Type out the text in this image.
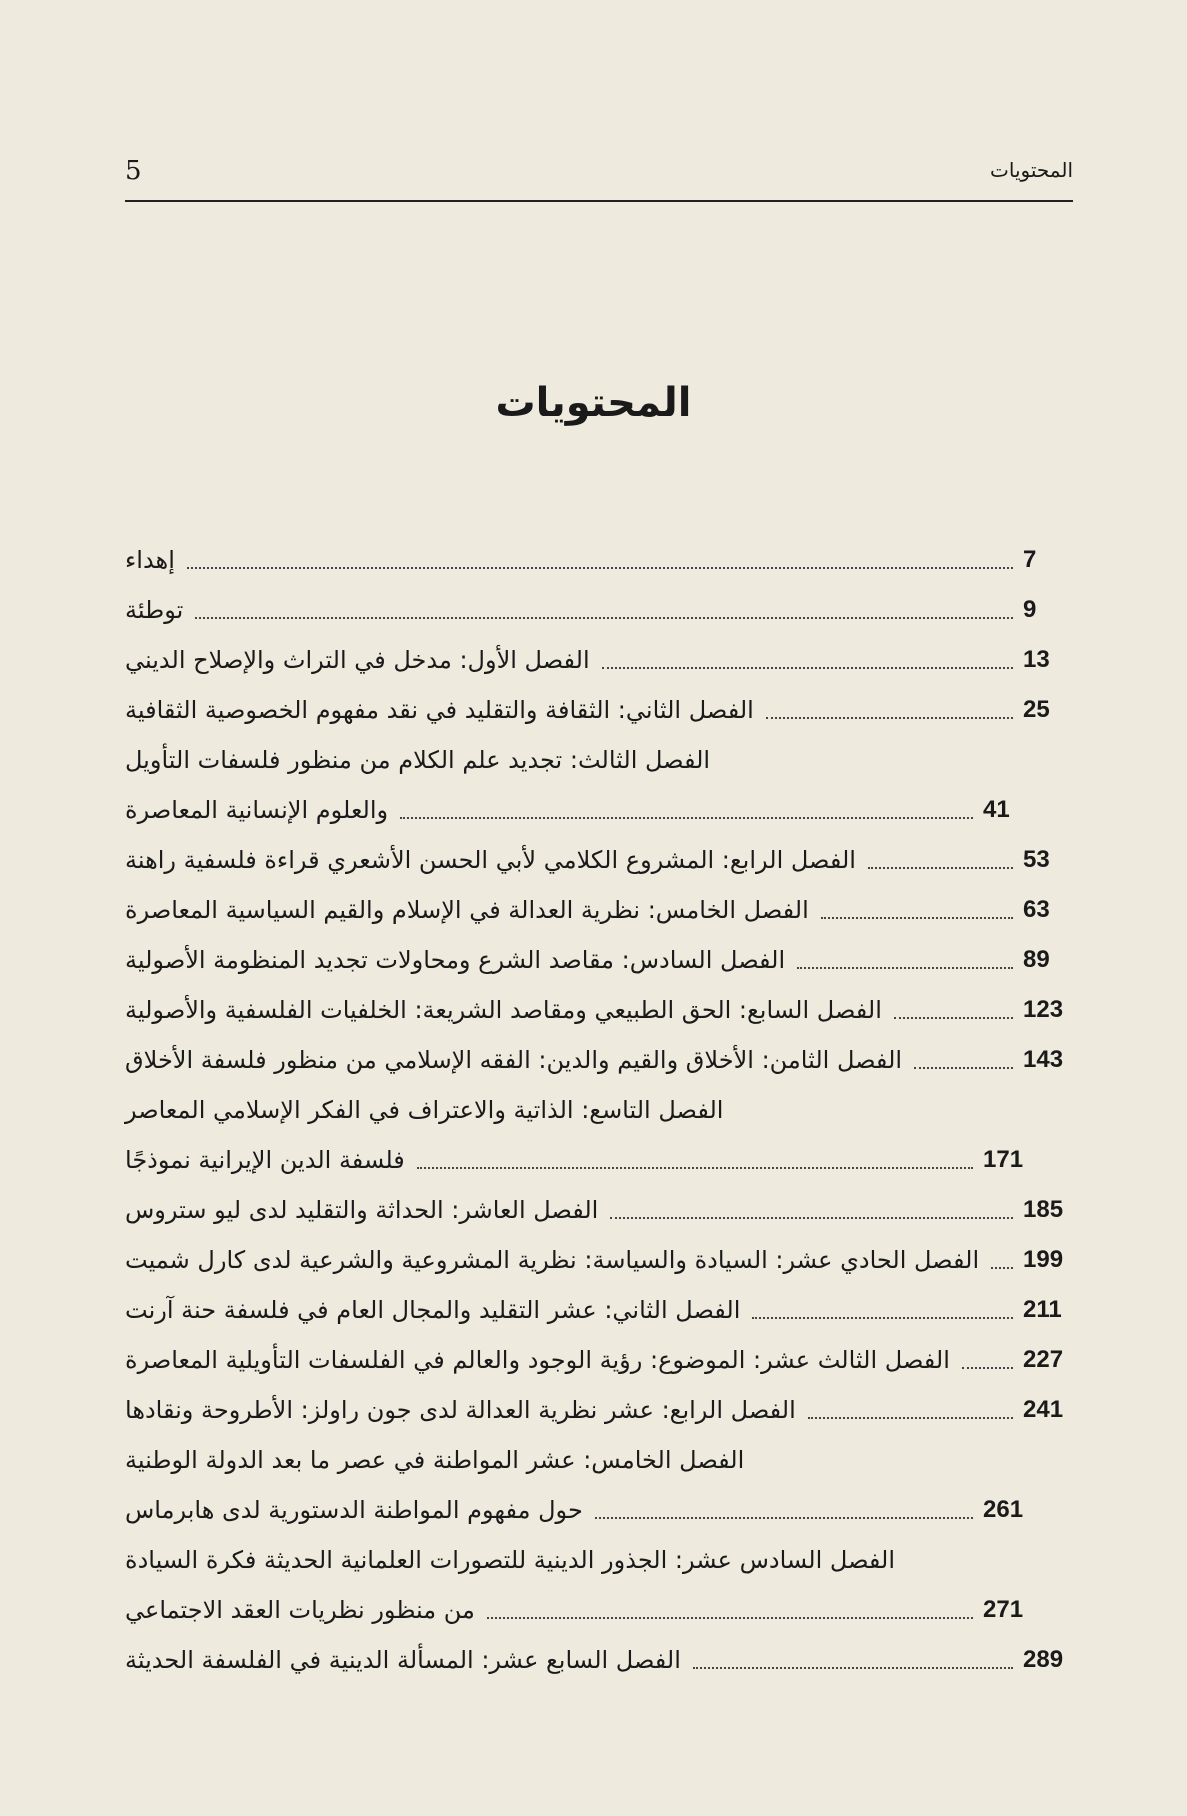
المحتويات
5
المحتويات
إهداء	7
توطئة	9
الفصل الأول: مدخل في التراث والإصلاح الديني	13
الفصل الثاني: الثقافة والتقليد في نقد مفهوم الخصوصية الثقافية	25
الفصل الثالث: تجديد علم الكلام من منظور فلسفات التأويل
والعلوم الإنسانية المعاصرة	41
الفصل الرابع: المشروع الكلامي لأبي الحسن الأشعري قراءة فلسفية راهنة	53
الفصل الخامس: نظرية العدالة في الإسلام والقيم السياسية المعاصرة	63
الفصل السادس: مقاصد الشرع ومحاولات تجديد المنظومة الأصولية	89
الفصل السابع: الحق الطبيعي ومقاصد الشريعة: الخلفيات الفلسفية والأصولية	123
الفصل الثامن: الأخلاق والقيم والدين: الفقه الإسلامي من منظور فلسفة الأخلاق	143
الفصل التاسع: الذاتية والاعتراف في الفكر الإسلامي المعاصر
فلسفة الدين الإيرانية نموذجًا	171
الفصل العاشر: الحداثة والتقليد لدى ليو ستروس	185
الفصل الحادي عشر: السيادة والسياسة: نظرية المشروعية والشرعية لدى كارل شميت 199
الفصل الثاني: عشر التقليد والمجال العام في فلسفة حنة آرنت	211
الفصل الثالث عشر: الموضوع: رؤية الوجود والعالم في الفلسفات التأويلية المعاصرة	227
الفصل الرابع: عشر نظرية العدالة لدى جون راولز: الأطروحة ونقادها	241
الفصل الخامس: عشر المواطنة في عصر ما بعد الدولة الوطنية
حول مفهوم المواطنة الدستورية لدى هابرماس	261
الفصل السادس عشر: الجذور الدينية للتصورات العلمانية الحديثة فكرة السيادة
من منظور نظريات العقد الاجتماعي	271
الفصل السابع عشر: المسألة الدينية في الفلسفة الحديثة	289
